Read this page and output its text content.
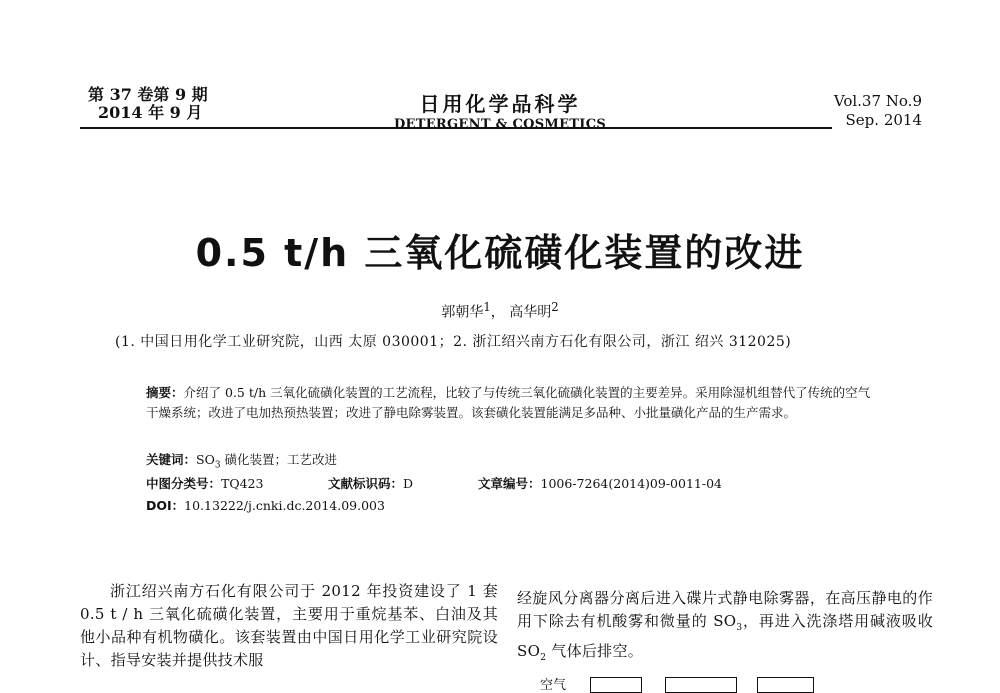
第 37 卷第 9 期
2014 年 9 月	日用化学品科学
DETERGENT & COSMETICS
Vol.37 No.9
Sep. 2014
0.5 t/h 三氧化硫磺化装置的改进
郭朝华$^1$， 高华明$^2$
(1. 中国日用化学工业研究院，山西 太原 030001；2. 浙江绍兴南方石化有限公司，浙江 绍兴 312025)
摘要：介绍了 0.5 t/h 三氧化硫磺化装置的工艺流程，比较了与传统三氧化硫磺化装置的主要差异。采用除湿机组替代了传统的空气干燥系统；改进了电加热预热装置；改进了静电除雾装置。该套磺化装置能满足多品种、小批量磺化产品的生产需求。
关键词：$SO_3$ 磺化装置；工艺改进
中图分类号：TQ423	文献标识码：D	文章编号：1006-7264(2014)09-0011-04
DOI：10.13222/j.cnki.dc.2014.09.003
浙江绍兴南方石化有限公司于 2012 年投资建设了 1 套 0.5 t / h 三氧化硫磺化装置，主要用于重烷基苯、白油及其他小品种有机物磺化。该套装置由中国日用化学工业研究院设计、指导安装并提供技术服
经旋风分离器分离后进入碟片式静电除雾器，在高压静电的作用下除去有机酸雾和微量的 $SO_3$，再进入洗涤塔用碱液吸收 $SO_2$ 气体后排空。
空气
